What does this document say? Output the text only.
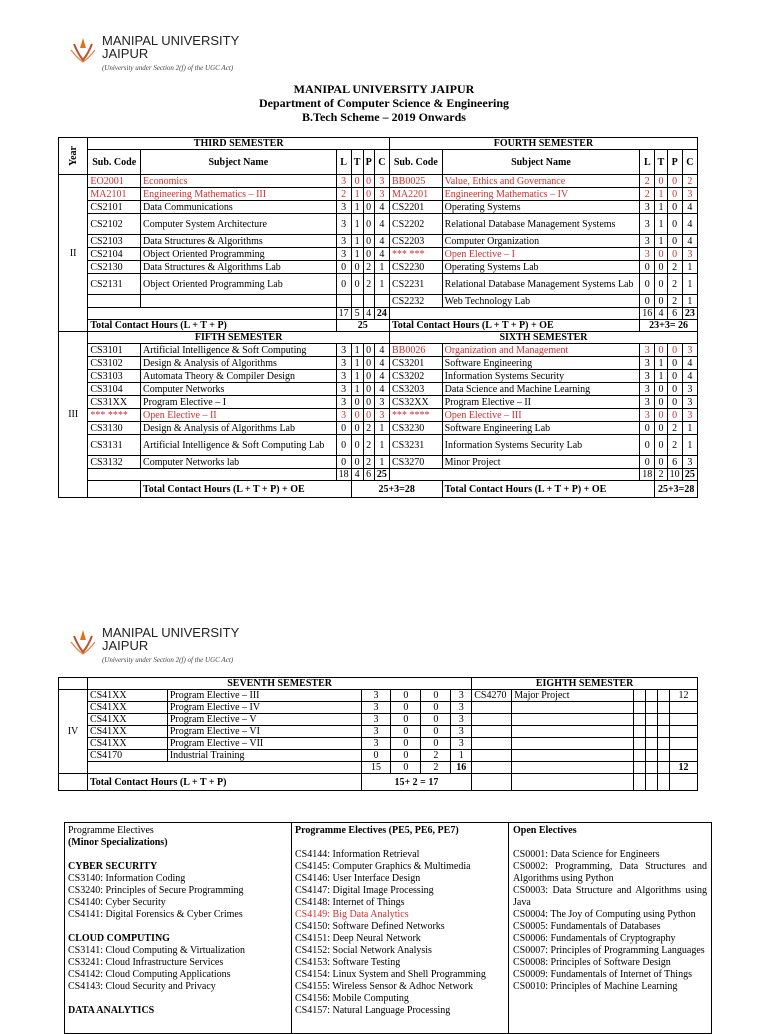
MANIPAL UNIVERSITY
JAIPUR
(University under Section 2(f) of the UGC Act)
MANIPAL UNIVERSITY JAIPUR
Department of Computer Science & Engineering
B.Tech Scheme – 2019 Onwards
Year	THIRD SEMESTER						FOURTH SEMESTER					
	Sub. Code	Subject Name	L	T	P	C	Sub. Code	Subject Name	L	T	P	C
II	EO2001	Economics	3	0	0	3	BB0025	Value, Ethics and Governance	2	0	0	2
	MA2101	Engineering Mathematics – III	2	1	0	3	MA2201	Engineering Mathematics – IV	2	1	0	3
	CS2101	Data Communications	3	1	0	4	CS2201	Operating Systems	3	1	0	4
	CS2102	Computer System Architecture	3	1	0	4	CS2202	Relational Database Management Systems	3	1	0	4
	CS2103	Data Structures & Algorithms	3	1	0	4	CS2203	Computer Organization	3	1	0	4
	CS2104	Object Oriented Programming	3	1	0	4	*** ***	Open Elective – I	3	0	0	3
	CS2130	Data Structures & Algorithms Lab	0	0	2	1	CS2230	Operating Systems Lab	0	0	2	1
	CS2131	Object Oriented Programming Lab	0	0	2	1	CS2231	Relational Database Management Systems Lab	0	0	2	1
							CS2232	Web Technology Lab	0	0	2	1
			17	5	4	24			16	4	6	23
	Total Contact Hours (L + T + P)		25				Total Contact Hours (L + T + P) + OE		23+3= 26			
III	FIFTH SEMESTER						SIXTH SEMESTER					
	CS3101	Artificial Intelligence & Soft Computing	3	1	0	4	BB0026	Organization and Management	3	0	0	3
	CS3102	Design & Analysis of Algorithms	3	1	0	4	CS3201	Software Engineering	3	1	0	4
	CS3103	Automata Theory & Compiler Design	3	1	0	4	CS3202	Information Systems Security	3	1	0	4
	CS3104	Computer Networks	3	1	0	4	CS3203	Data Science and Machine Learning	3	0	0	3
	CS31XX	Program Elective – I	3	0	0	3	CS32XX	Program Elective – II	3	0	0	3
	*** ****	Open Elective – II	3	0	0	3	*** ****	Open Elective – III	3	0	0	3
	CS3130	Design & Analysis of Algorithms Lab	0	0	2	1	CS3230	Software Engineering Lab	0	0	2	1
	CS3131	Artificial Intelligence & Soft Computing Lab	0	0	2	1	CS3231	Information Systems Security Lab	0	0	2	1
	CS3132	Computer Networks lab	0	0	2	1	CS3270	Minor Project	0	0	6	3
			18	4	6	25			18	2	10	25
		Total Contact Hours (L + T + P) + OE		25+3=28				Total Contact Hours (L + T + P) + OE		25+3=28		
MANIPAL UNIVERSITY
JAIPUR
(University under Section 2(f) of the UGC Act)
	SEVENTH SEMESTER						EIGHTH SEMESTER					
IV	CS41XX	Program Elective – III	3	0	0	3	CS4270	Major Project				12
	CS41XX	Program Elective – IV	3	0	0	3						
	CS41XX	Program Elective – V	3	0	0	3						
	CS41XX	Program Elective – VI	3	0	0	3						
	CS41XX	Program Elective – VII	3	0	0	3						
	CS4170	Industrial Training	0	0	2	1						
			15	0	2	16						12
	Total Contact Hours (L + T + P)		15+ 2 = 17									
Programme Electives
(Minor Specializations)
CYBER SECURITY
CS3140: Information Coding
CS3240: Principles of Secure Programming
CS4140: Cyber Security
CS4141: Digital Forensics & Cyber Crimes
CLOUD COMPUTING
CS3141: Cloud Computing & Virtualization
CS3241: Cloud Infrastructure Services
CS4142: Cloud Computing Applications
CS4143: Cloud Security and Privacy
DATA ANALYTICS
Programme Electives (PE5, PE6, PE7)
CS4144: Information Retrieval
CS4145: Computer Graphics & Multimedia
CS4146: User Interface Design
CS4147: Digital Image Processing
CS4148: Internet of Things
CS4149: Big Data Analytics
CS4150: Software Defined Networks
CS4151: Deep Neural Network
CS4152: Social Network Analysis
CS4153: Software Testing
CS4154: Linux System and Shell Programming
CS4155: Wireless Sensor & Adhoc Network
CS4156: Mobile Computing
CS4157: Natural Language Processing
Open Electives
CS0001: Data Science for Engineers
CS0002: Programming, Data Structures and Algorithms using Python
CS0003: Data Structure and Algorithms using Java
CS0004: The Joy of Computing using Python
CS0005: Fundamentals of Databases
CS0006: Fundamentals of Cryptography
CS0007: Principles of Programming Languages
CS0008: Principles of Software Design
CS0009: Fundamentals of Internet of Things
CS0010: Principles of Machine Learning
